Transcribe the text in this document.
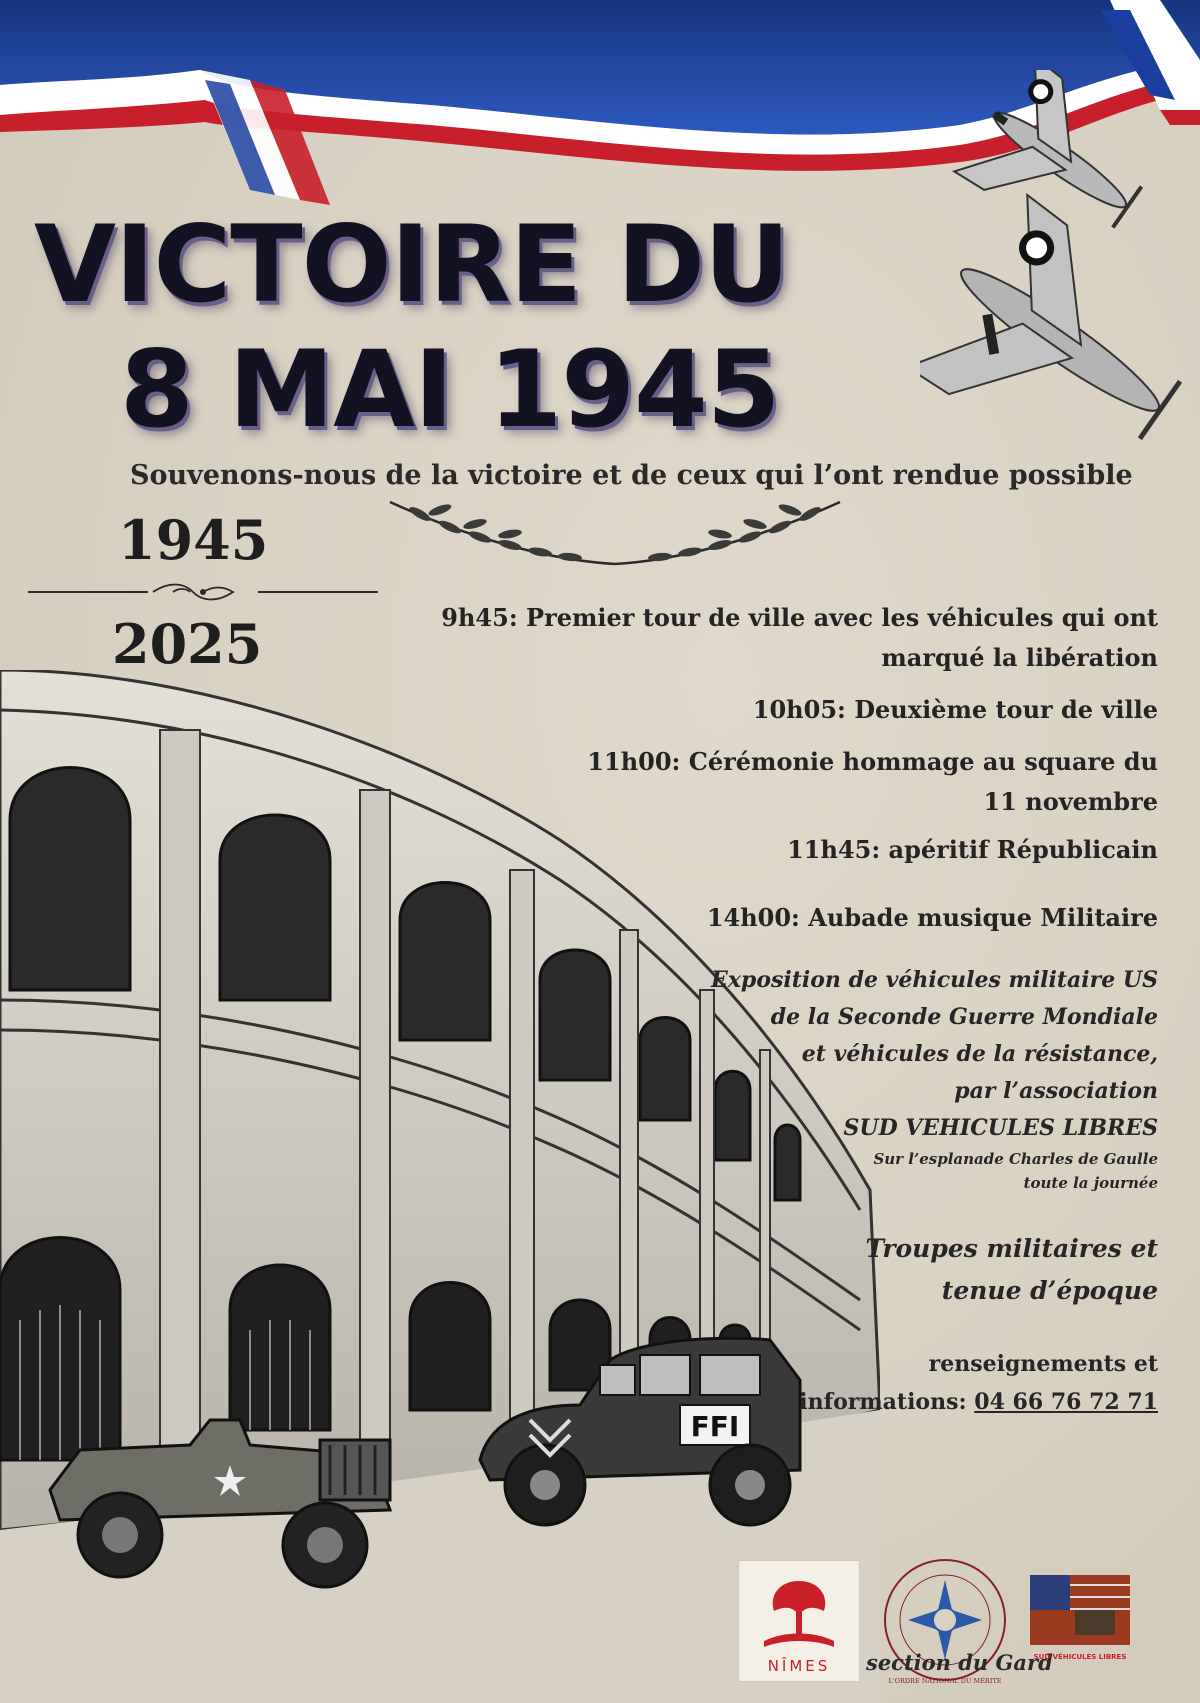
VICTOIRE DU
8 MAI 1945
Souvenons-nous de la victoire et de ceux qui l’ont rendue possible
1945
2025
FFI
9h45: Premier tour de ville avec les véhicules qui ont
marqué la libération
10h05: Deuxième tour de ville
11h00: Cérémonie hommage au square du
11 novembre
11h45: apéritif Républicain
14h00: Aubade musique Militaire
Exposition de véhicules militaire US
de la Seconde Guerre Mondiale
et véhicules de la résistance,
par l’association
SUD VEHICULES LIBRES
Sur l’esplanade Charles de Gaulle
toute la journée
Troupes militaires et
tenue d’époque
renseignements et
informations: 04 66 76 72 71
NÎMES
L'ORDRE NATIONAL DU MÉRITE
section du Gard
SUD VÉHICULES LIBRES
